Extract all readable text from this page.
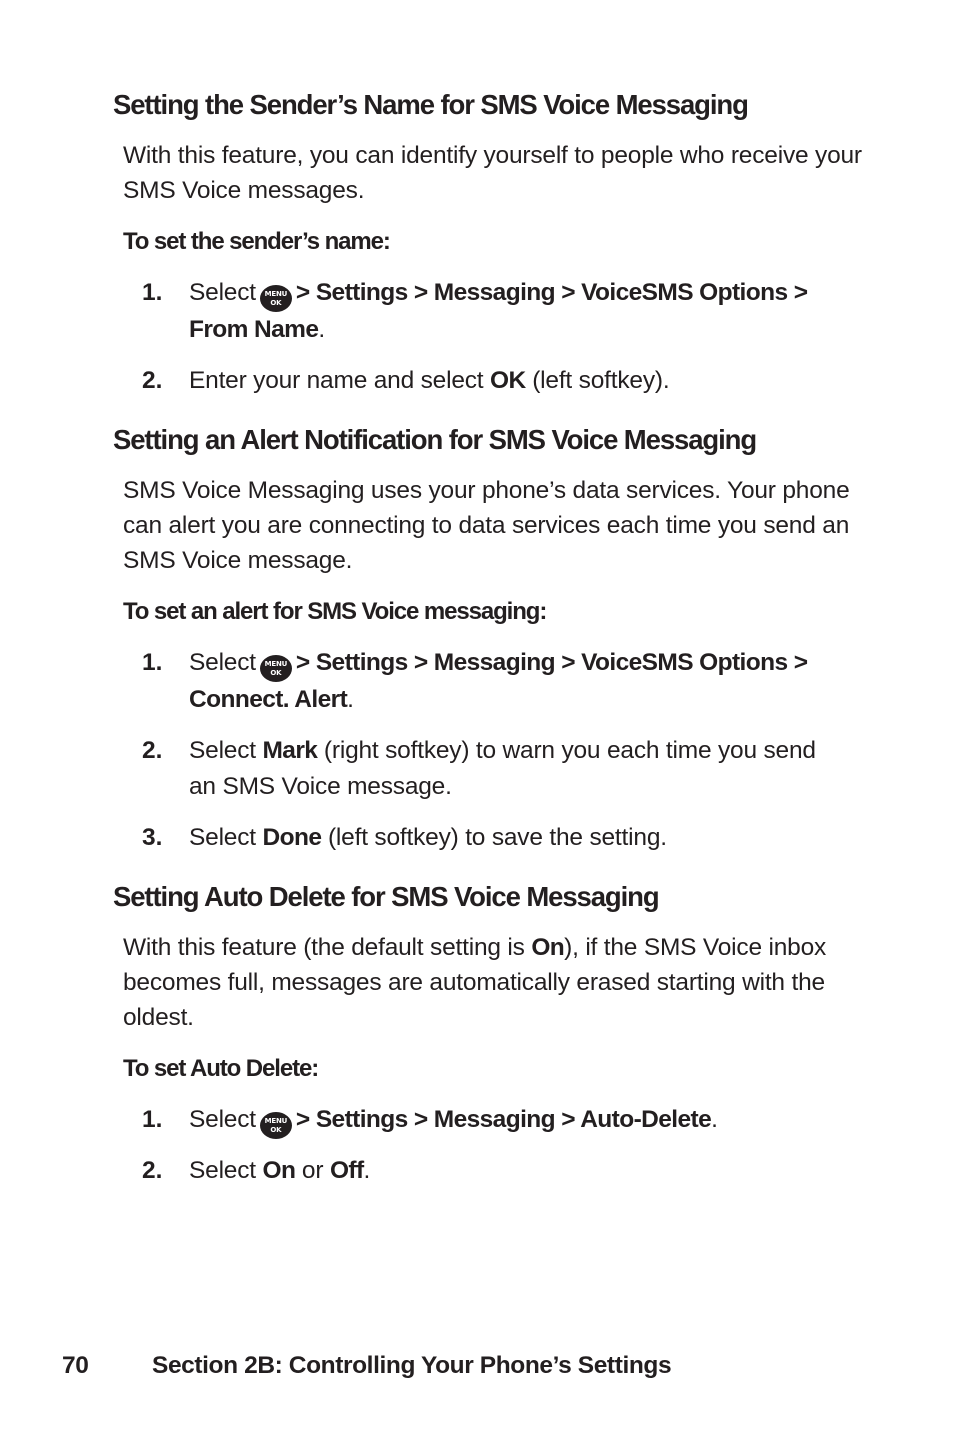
Setting the Sender’s Name for SMS Voice Messaging

With this feature, you can identify yourself to people who receive your SMS Voice messages.

To set the sender’s name:

1. Select	MENU
OK > Settings > Messaging > VoiceSMS Options > From Name.
2. Enter your name and select OK (left softkey).
Setting an Alert Notification for SMS Voice Messaging

SMS Voice Messaging uses your phone’s data services. Your phone can alert you are connecting to data services each time you send an SMS Voice message.

To set an alert for SMS Voice messaging:

1. Select	MENU
OK > Settings > Messaging > VoiceSMS Options > Connect. Alert.
2. Select Mark (right softkey) to warn you each time you send an SMS Voice message.
3. Select Done (left softkey) to save the setting.
Setting Auto Delete for SMS Voice Messaging

With this feature (the default setting is On), if the SMS Voice inbox becomes full, messages are automatically erased starting with the oldest.

To set Auto Delete:

1. Select	MENU
OK > Settings > Messaging > Auto-Delete.
2. Select On or Off.

70	Section 2B: Controlling Your Phone’s Settings
